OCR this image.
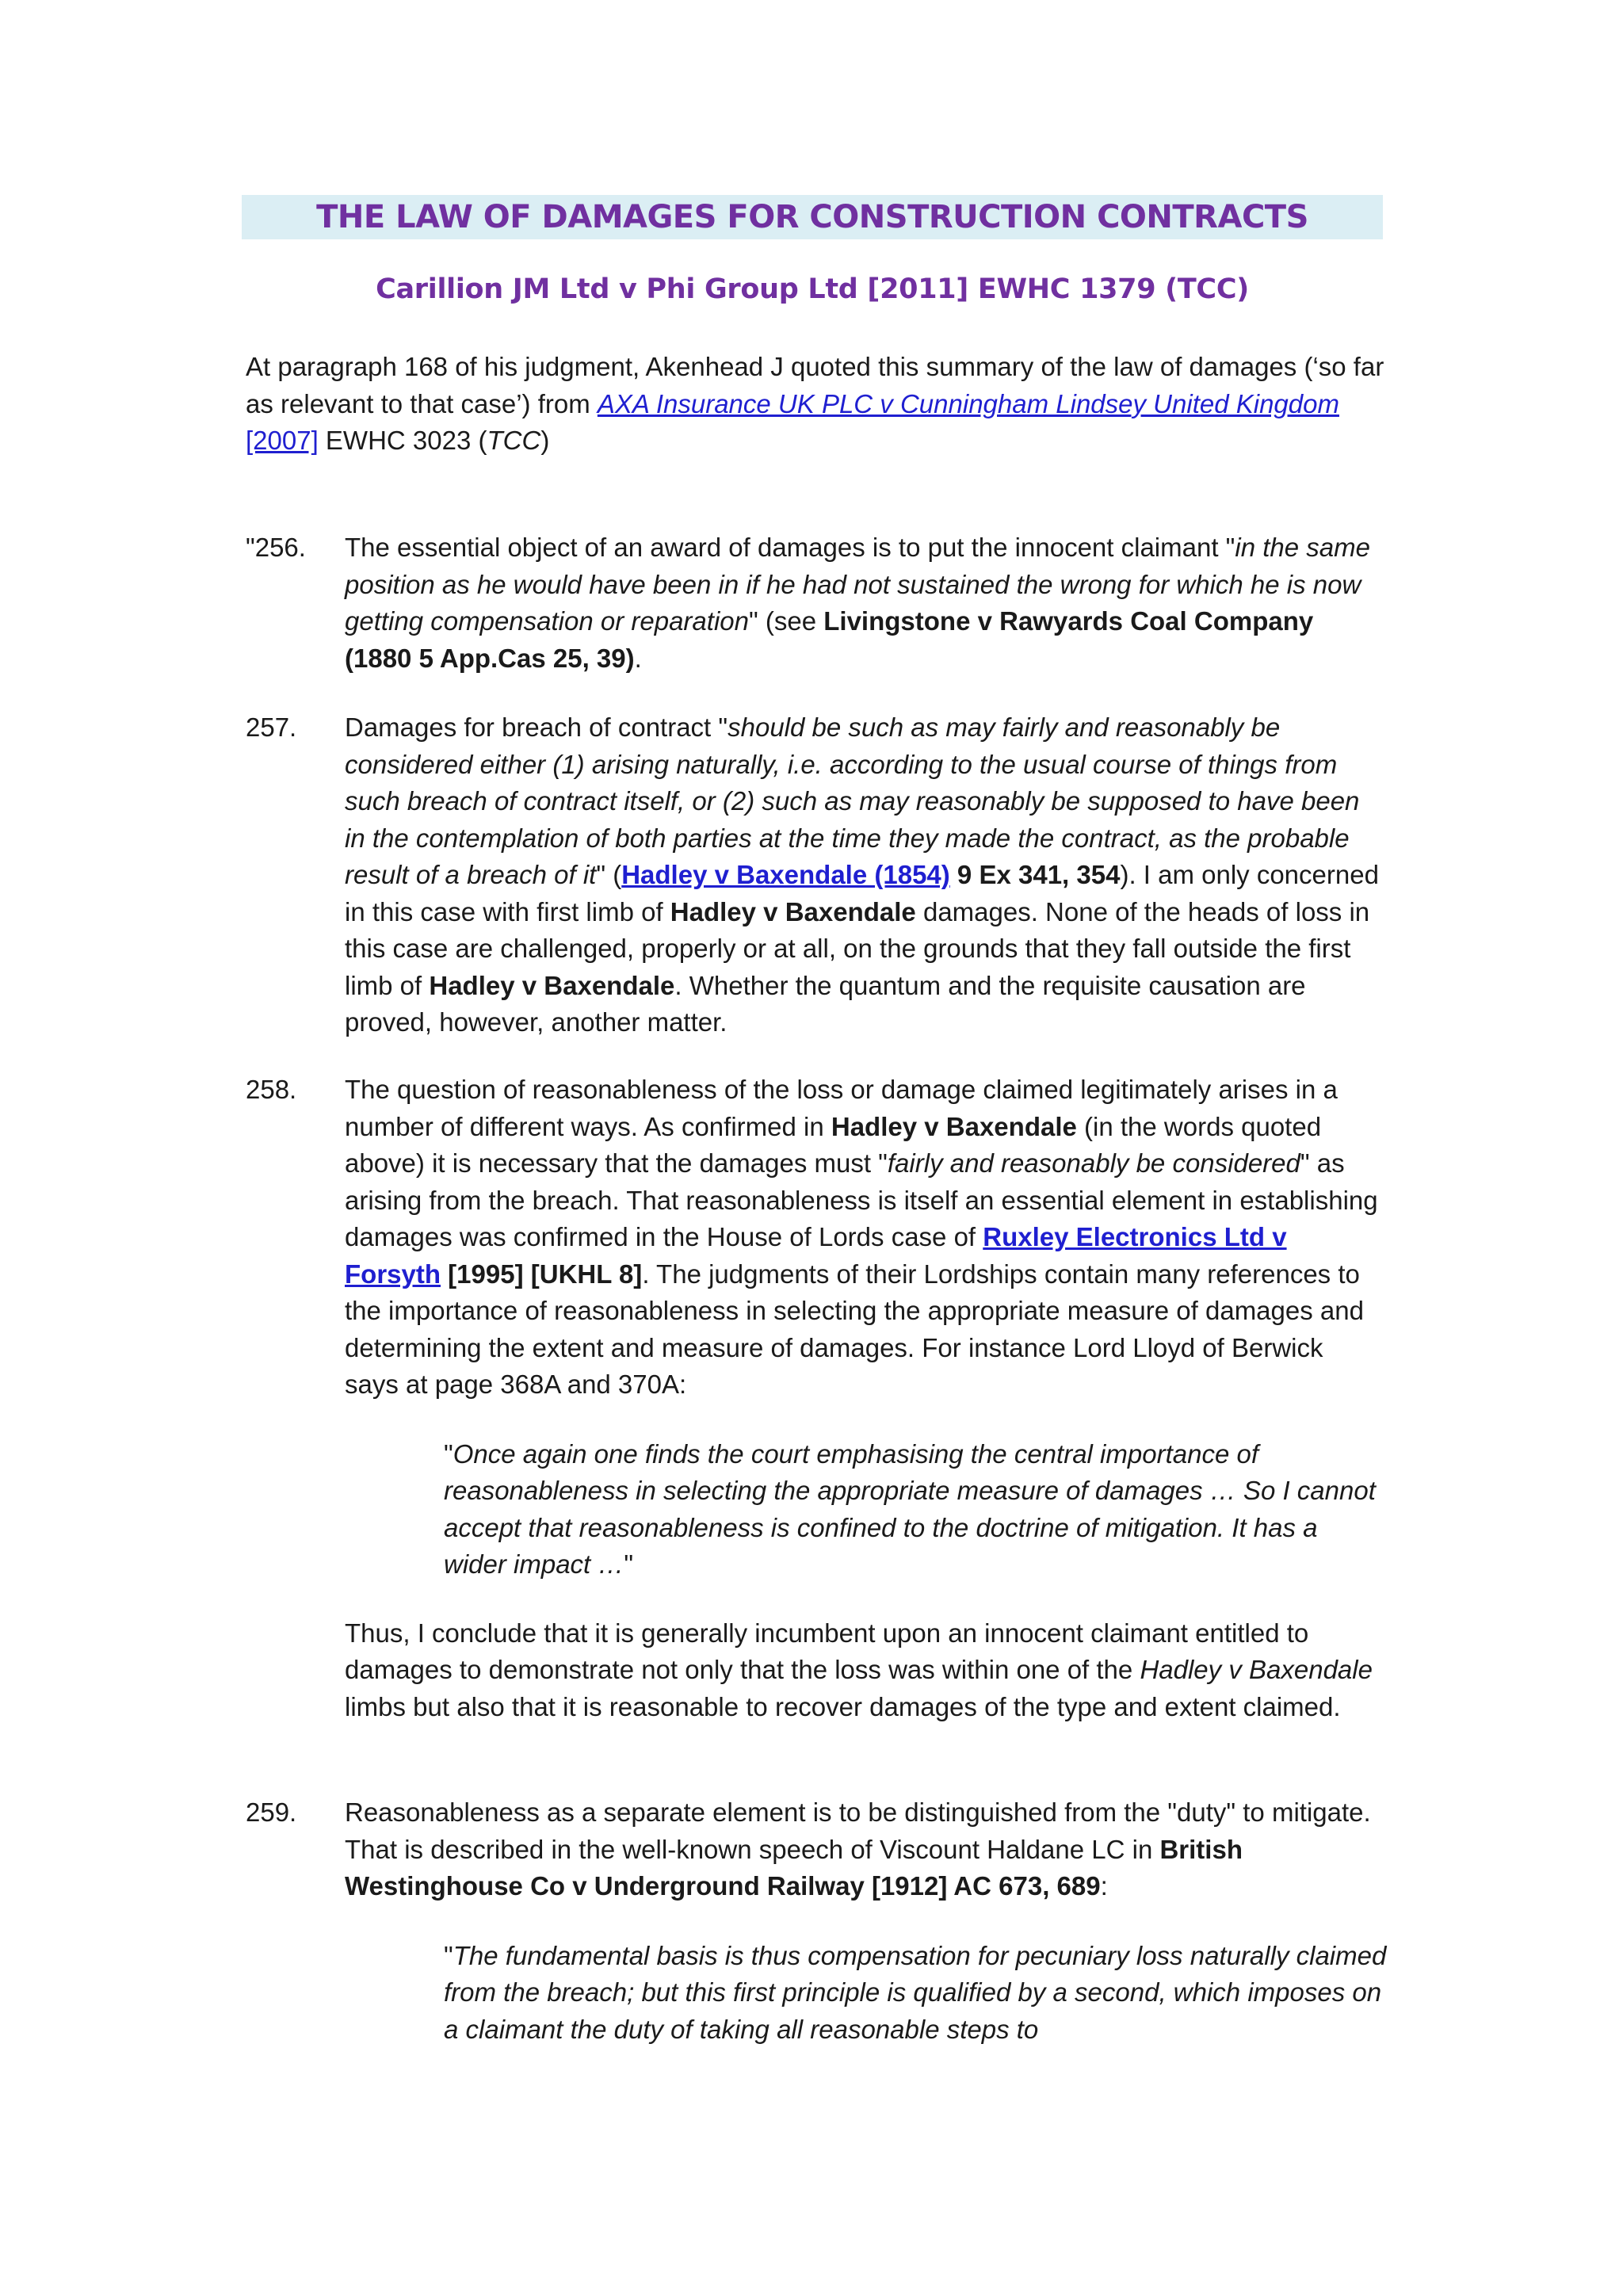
THE LAW OF DAMAGES FOR CONSTRUCTION CONTRACTS
Carillion JM Ltd v Phi Group Ltd [2011] EWHC 1379 (TCC)
At paragraph 168 of his judgment, Akenhead J quoted this summary of the law of damages (‘so far as relevant to that case’) from AXA Insurance UK PLC v Cunningham Lindsey United Kingdom [2007] EWHC 3023 (TCC)
"256.	The essential object of an award of damages is to put the innocent claimant "in the same position as he would have been in if he had not sustained the wrong for which he is now getting compensation or reparation" (see Livingstone v Rawyards Coal Company (1880 5 App.Cas 25, 39).
257.	Damages for breach of contract "should be such as may fairly and reasonably be considered either (1) arising naturally, i.e. according to the usual course of things from such breach of contract itself, or (2) such as may reasonably be supposed to have been in the contemplation of both parties at the time they made the contract, as the probable result of a breach of it" (Hadley v Baxendale (1854) 9 Ex 341, 354). I am only concerned in this case with first limb of Hadley v Baxendale damages. None of the heads of loss in this case are challenged, properly or at all, on the grounds that they fall outside the first limb of Hadley v Baxendale. Whether the quantum and the requisite causation are proved, however, another matter.
258.	The question of reasonableness of the loss or damage claimed legitimately arises in a number of different ways. As confirmed in Hadley v Baxendale (in the words quoted above) it is necessary that the damages must "fairly and reasonably be considered" as arising from the breach. That reasonableness is itself an essential element in establishing damages was confirmed in the House of Lords case of Ruxley Electronics Ltd v Forsyth [1995] [UKHL 8]. The judgments of their Lordships contain many references to the importance of reasonableness in selecting the appropriate measure of damages and determining the extent and measure of damages. For instance Lord Lloyd of Berwick says at page 368A and 370A:
"Once again one finds the court emphasising the central importance of reasonableness in selecting the appropriate measure of damages … So I cannot accept that reasonableness is confined to the doctrine of mitigation. It has a wider impact …"
Thus, I conclude that it is generally incumbent upon an innocent claimant entitled to damages to demonstrate not only that the loss was within one of the Hadley v Baxendale limbs but also that it is reasonable to recover damages of the type and extent claimed.
259.	Reasonableness as a separate element is to be distinguished from the "duty" to mitigate. That is described in the well-known speech of Viscount Haldane LC in British Westinghouse Co v Underground Railway [1912] AC 673, 689:
"The fundamental basis is thus compensation for pecuniary loss naturally claimed from the breach; but this first principle is qualified by a second, which imposes on a claimant the duty of taking all reasonable steps to
